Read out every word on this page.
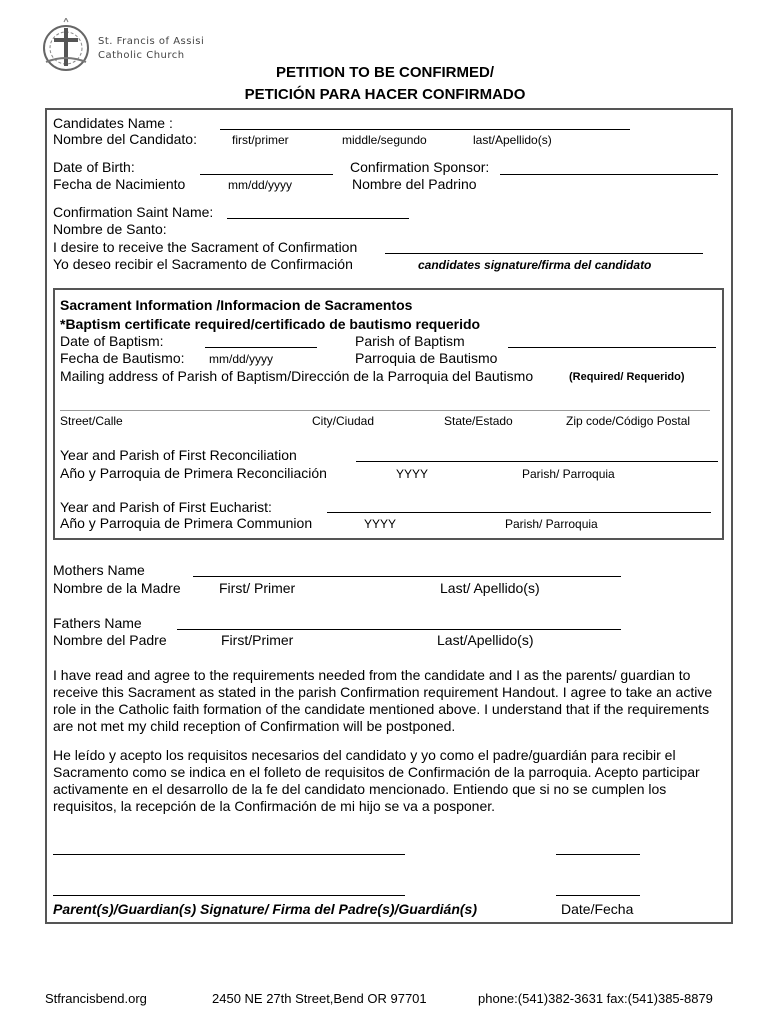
St. Francis of Assisi
Catholic Church
PETITION TO BE CONFIRMED/
PETICIÓN PARA HACER CONFIRMADO
Candidates Name :
Nombre del Candidato:	first/primer	middle/segundo	last/Apellido(s)
Date of Birth:
Fecha de Nacimiento	mm/dd/yyyy
Confirmation Sponsor:
Nombre del Padrino
Confirmation Saint Name:
Nombre de Santo:
I desire to receive the Sacrament of Confirmation
Yo deseo recibir el Sacramento de Confirmación	candidates signature/firma del candidato
Sacrament Information /Informacion de Sacramentos
*Baptism certificate required/certificado de bautismo requerido
Date of Baptism:
Fecha de Bautismo: mm/dd/yyyy
Parish of Baptism
Parroquia de Bautismo
Mailing address of Parish of Baptism/Dirección de la Parroquia del Bautismo	(Required/ Requerido)
Street/Calle	City/Ciudad	State/Estado	Zip code/Código Postal
Year and Parish of First Reconciliation
Año y Parroquia de Primera Reconciliación	YYYY	Parish/ Parroquia
Year and Parish of First Eucharist:
Año y Parroquia de Primera Communion	YYYY	Parish/ Parroquia
Mothers Name
Nombre de la Madre	First/ Primer	Last/ Apellido(s)
Fathers Name
Nombre del Padre	First/Primer	Last/Apellido(s)
I have read and agree to the requirements needed from the candidate and I as the parents/ guardian to receive this Sacrament as stated in the parish Confirmation requirement Handout. I agree to take an active role in the Catholic faith formation of the candidate mentioned above. I understand that if the requirements are not met my child reception of Confirmation will be postponed.
He leído y acepto los requisitos necesarios del candidato y yo como el padre/guardián para recibir el Sacramento como se indica en el folleto de requisitos de Confirmación de la parroquia. Acepto participar activamente en el desarrollo de la fe del candidato mencionado. Entiendo que si no se cumplen los requisitos, la recepción de la Confirmación de mi hijo se va a posponer.
Parent(s)/Guardian(s) Signature/ Firma del Padre(s)/Guardián(s)	Date/Fecha
Stfrancisbend.org	2450 NE 27th Street,Bend OR 97701	phone:(541)382-3631 fax:(541)385-8879
